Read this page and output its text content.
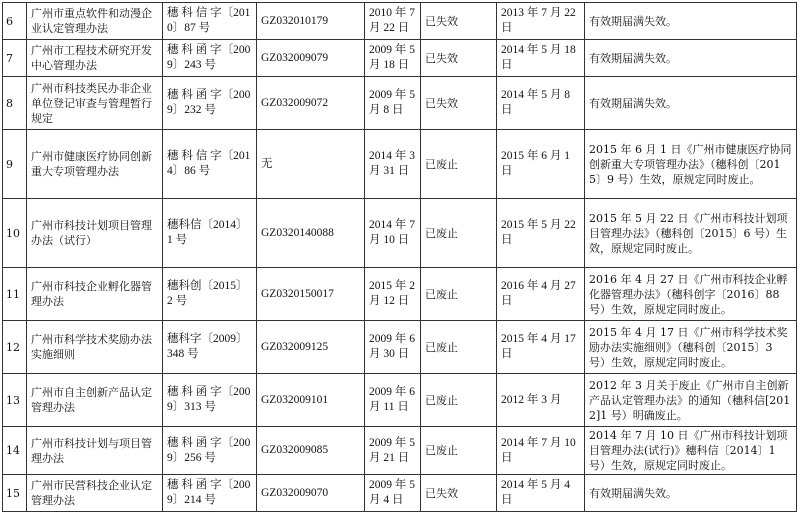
6	广州市重点软件和动漫企业认定管理办法	穗 科 信 字〔2010〕87 号	GZ032010179	2010 年 7 月 22 日	已失效	2013 年 7 月 22 日	有效期届满失效。
7	广州市工程技术研究开发中心管理办法	穗 科 函 字〔2009〕243 号	GZ032009079	2009 年 5 月 18 日	已失效	2014 年 5 月 18 日	有效期届满失效。
8	广州市科技类民办非企业单位登记审查与管理暂行规定	穗 科 函 字〔2009〕232 号	GZ032009072	2009 年 5 月 8 日	已失效	2014 年 5 月 8 日	有效期届满失效。
9	广州市健康医疗协同创新重大专项管理办法	穗 科 信 字〔2014〕86 号	无	2014 年 3 月 31 日	已废止	2015 年 6 月 1 日	2015 年 6 月 1 日《广州市健康医疗协同创新重大专项管理办法》（穗科创〔2015〕9 号）生效，原规定同时废止。
10	广州市科技计划项目管理办法（试行）	穗科信〔2014〕1 号	GZ0320140088	2014 年 7 月 10 日	已废止	2015 年 5 月 22 日	2015 年 5 月 22 日《广州市科技计划项目管理办法》（穗科创〔2015〕6 号）生效，原规定同时废止。
11	广州市科技企业孵化器管理办法	穗科创〔2015〕2 号	GZ0320150017	2015 年 2 月 12 日	已废止	2016 年 4 月 27 日	2016 年 4 月 27 日《广州市科技企业孵化器管理办法》（穗科创字〔2016〕88 号）生效，原规定同时废止。
12	广州市科学技术奖励办法实施细则	穗科字〔2009〕348 号	GZ032009125	2009 年 6 月 30 日	已废止	2015 年 4 月 17 日	2015 年 4 月 17 日《广州市科学技术奖励办法实施细则》（穗科创〔2015〕3 号）生效，原规定同时废止。
13	广州市自主创新产品认定管理办法	穗 科 函 字〔2009〕313 号	GZ032009101	2009 年 6 月 11 日	已废止	2012 年 3 月	2012 年 3 月关于废止《广州市自主创新产品认定管理办法》的通知（穗科信[2012]1 号）明确废止。
14	广州市科技计划与项目管理办法	穗 科 函 字〔2009〕256 号	GZ032009085	2009 年 5 月 21 日	已废止	2014 年 7 月 10 日	2014 年 7 月 10 日《广州市科技计划项目管理办法(试行)》穗科信〔2014〕1 号）生效，原规定同时废止。
15	广州市民营科技企业认定管理办法	穗 科 函 字〔2009〕214 号	GZ032009070	2009 年 5 月 4 日	已失效	2014 年 5 月 4 日	有效期届满失效。
